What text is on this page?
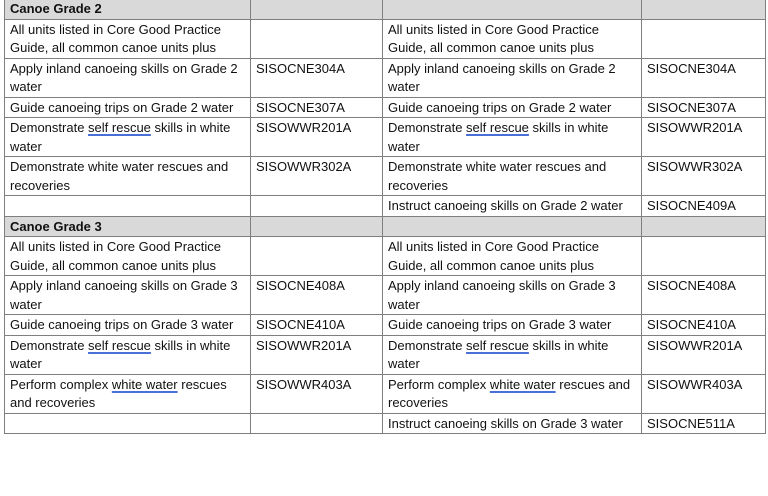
Canoe Grade 2			
All units listed in Core Good Practice Guide, all common canoe units plus		All units listed in Core Good Practice Guide, all common canoe units plus	
Apply inland canoeing skills on Grade 2 water	SISOCNE304A	Apply inland canoeing skills on Grade 2 water	SISOCNE304A
Guide canoeing trips on Grade 2 water	SISOCNE307A	Guide canoeing trips on Grade 2 water	SISOCNE307A
Demonstrate self rescue skills in white water	SISOWWR201A	Demonstrate self rescue skills in white water	SISOWWR201A
Demonstrate white water rescues and recoveries	SISOWWR302A	Demonstrate white water rescues and recoveries	SISOWWR302A
		Instruct canoeing skills on Grade 2 water	SISOCNE409A
Canoe Grade 3			
All units listed in Core Good Practice Guide, all common canoe units plus		All units listed in Core Good Practice Guide, all common canoe units plus	
Apply inland canoeing skills on Grade 3 water	SISOCNE408A	Apply inland canoeing skills on Grade 3 water	SISOCNE408A
Guide canoeing trips on Grade 3 water	SISOCNE410A	Guide canoeing trips on Grade 3 water	SISOCNE410A
Demonstrate self rescue skills in white water	SISOWWR201A	Demonstrate self rescue skills in white water	SISOWWR201A
Perform complex white water rescues and recoveries	SISOWWR403A	Perform complex white water rescues and recoveries	SISOWWR403A
		Instruct canoeing skills on Grade 3 water	SISOCNE511A
